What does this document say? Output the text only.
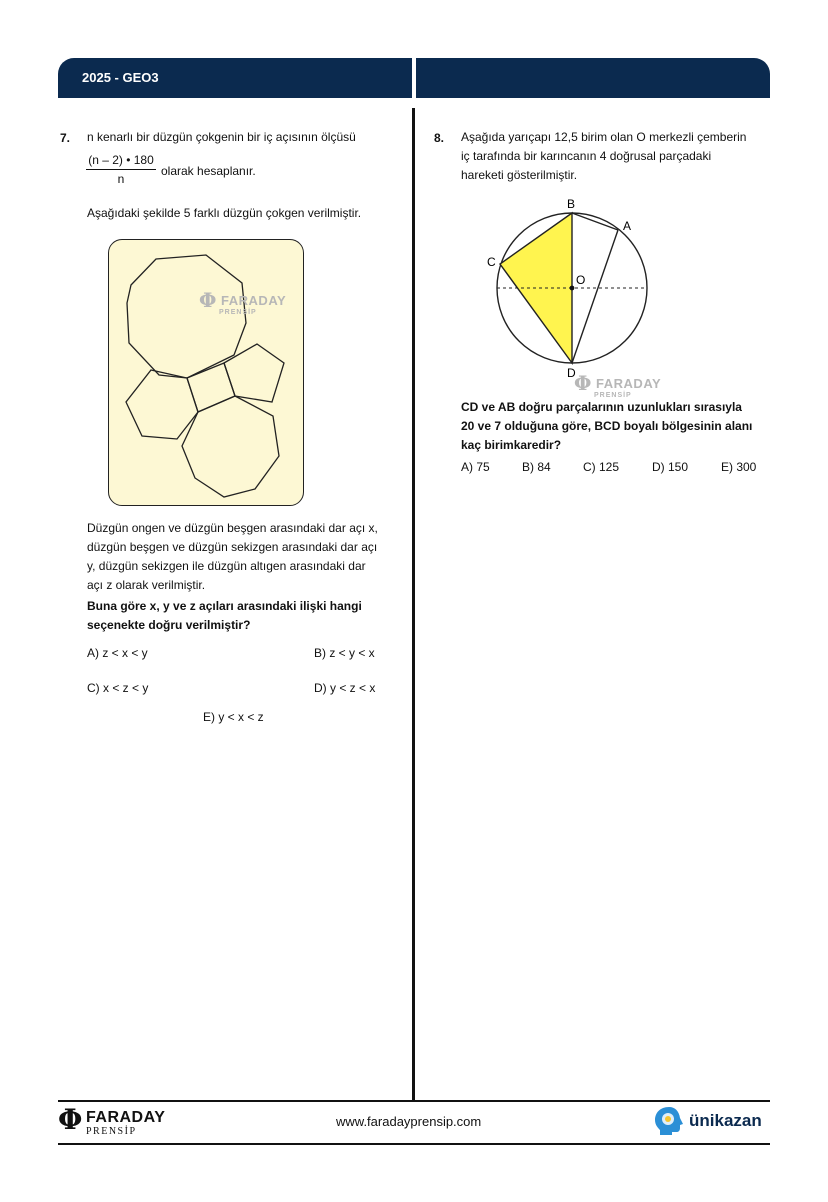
2025 - GEO3
7. n kenarlı bir düzgün çokgenin bir iç açısının ölçüsü
$\frac{(n - 2) • 180}{n}$ olarak hesaplanır.
Aşağıdaki şekilde 5 farklı düzgün çokgen verilmiştir.
Φ FARADAY
PRENSİP
Düzgün ongen ve düzgün beşgen arasındaki dar açı x,
düzgün beşgen ve düzgün sekizgen arasındaki dar açı
y, düzgün sekizgen ile düzgün altıgen arasındaki dar
açı z olarak verilmiştir.
Buna göre x, y ve z açıları arasındaki ilişki hangi
seçenekte doğru verilmiştir?
A) z < x < y	B) z < y < x
C) x < z < y	D) y < z < x
E) y < x < z
8. Aşağıda yarıçapı 12,5 birim olan O merkezli çemberin
iç tarafında bir karıncanın 4 doğrusal parçadaki
hareketi gösterilmiştir.
B
A
C
O
D
Φ FARADAY
PRENSİP
CD ve AB doğru parçalarının uzunlukları sırasıyla
20 ve 7 olduğuna göre, BCD boyalı bölgesinin alanı
kaç birimkaredir?
A) 75	B) 84	C) 125	D) 150	E) 300
Φ FARADAY
PRENSİP
www.faradayprensip.com	ünikazan
